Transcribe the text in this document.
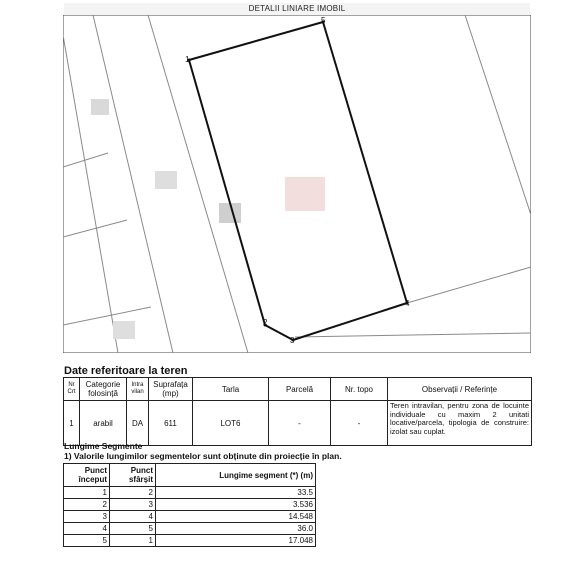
DETALII LINIARE IMOBIL
1
2
3
4
5
Date referitoare la teren
Nr Crt	Categorie folosință	Intra vilan	Suprafața (mp)	Tarla	Parcelă	Nr. topo	Observații / Referințe
1	arabil	DA	611	LOT6	-	-	Teren intravilan, pentru zona de locuinte individuale cu maxim 2 unitati locative/parcela, tipologia de construire: izolat sau cuplat.
Lungime Segmente
1) Valorile lungimilor segmentelor sunt obținute din proiecție în plan.
Punct început	Punct sfârșit	Lungime segment (*) (m)
1	2	33.5
2	3	3.536
3	4	14.548
4	5	36.0
5	1	17.048
